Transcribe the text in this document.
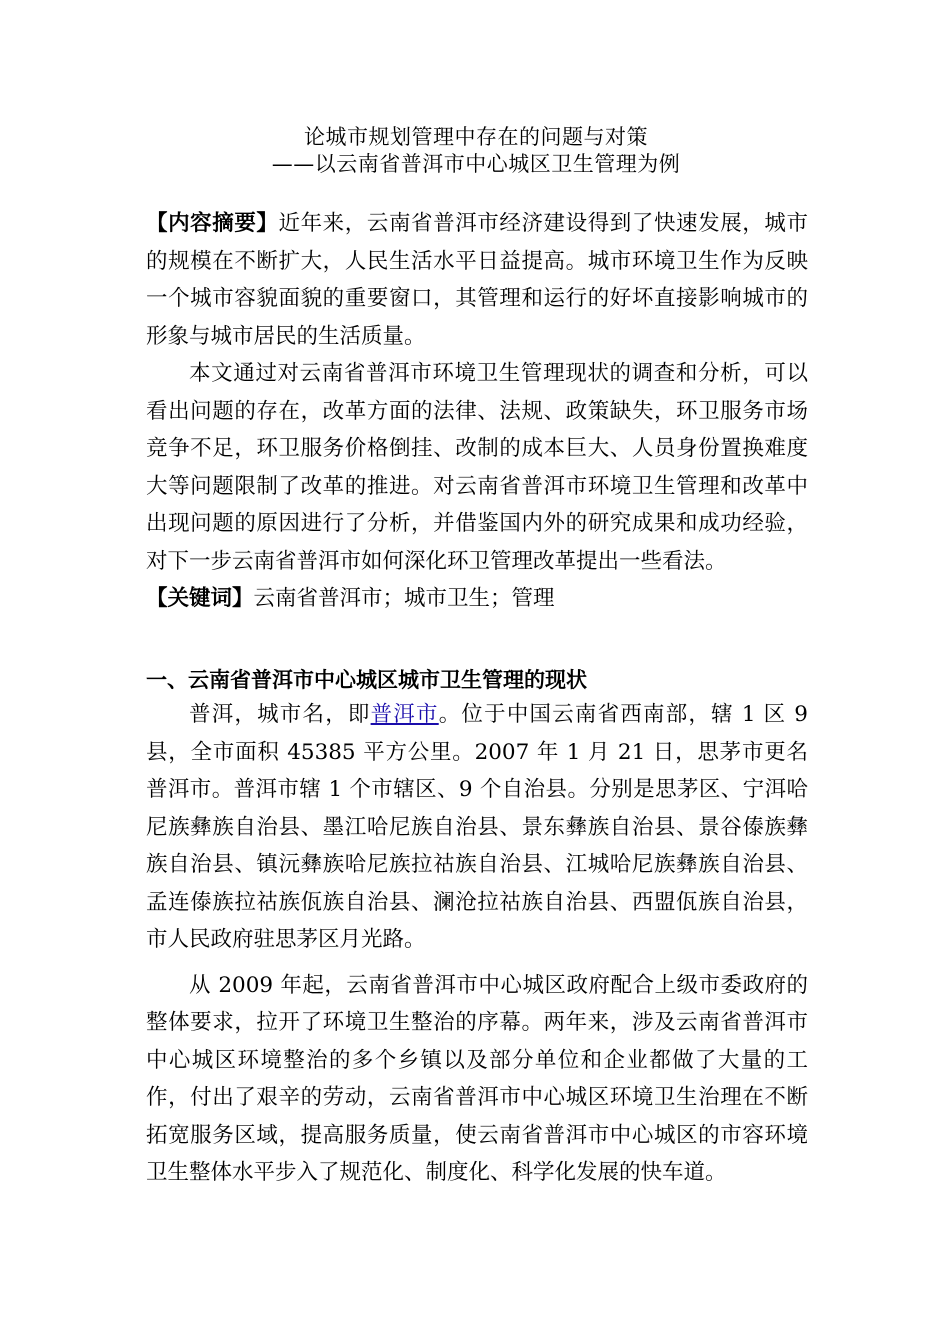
论城市规划管理中存在的问题与对策
——以云南省普洱市中心城区卫生管理为例

【内容摘要】近年来，云南省普洱市经济建设得到了快速发展，城市的规模在不断扩大，人民生活水平日益提高。城市环境卫生作为反映一个城市容貌面貌的重要窗口，其管理和运行的好坏直接影响城市的形象与城市居民的生活质量。

本文通过对云南省普洱市环境卫生管理现状的调查和分析，可以看出问题的存在，改革方面的法律、法规、政策缺失，环卫服务市场竞争不足，环卫服务价格倒挂、改制的成本巨大、人员身份置换难度大等问题限制了改革的推进。对云南省普洱市环境卫生管理和改革中出现问题的原因进行了分析，并借鉴国内外的研究成果和成功经验，对下一步云南省普洱市如何深化环卫管理改革提出一些看法。

【关键词】云南省普洱市；城市卫生；管理

一、云南省普洱市中心城区城市卫生管理的现状

普洱，城市名，即普洱市。位于中国云南省西南部，辖 1 区 9 县，全市面积 45385 平方公里。2007 年 1 月 21 日，思茅市更名普洱市。普洱市辖 1 个市辖区、9 个自治县。分别是思茅区、宁洱哈尼族彝族自治县、墨江哈尼族自治县、景东彝族自治县、景谷傣族彝族自治县、镇沅彝族哈尼族拉祜族自治县、江城哈尼族彝族自治县、孟连傣族拉祜族佤族自治县、澜沧拉祜族自治县、西盟佤族自治县，市人民政府驻思茅区月光路。

从 2009 年起，云南省普洱市中心城区政府配合上级市委政府的整体要求，拉开了环境卫生整治的序幕。两年来，涉及云南省普洱市中心城区环境整治的多个乡镇以及部分单位和企业都做了大量的工作，付出了艰辛的劳动，云南省普洱市中心城区环境卫生治理在不断拓宽服务区域，提高服务质量，使云南省普洱市中心城区的市容环境卫生整体水平步入了规范化、制度化、科学化发展的快车道。
